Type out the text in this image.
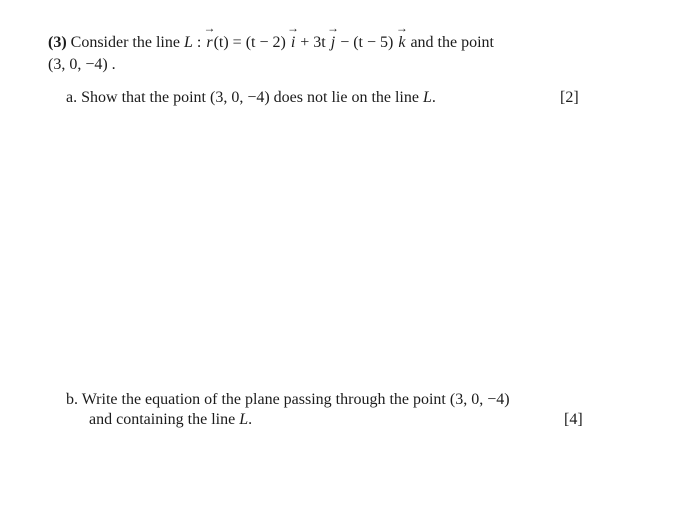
(3) Consider the line L : → r(t) = (t − 2) → i + 3t → j − (t − 5) → k and the point
(3, 0, −4) .
a. Show that the point (3, 0, −4) does not lie on the line L.	[2]
b. Write the equation of the plane passing through the point (3, 0, −4)
and containing the line L.	[4]
